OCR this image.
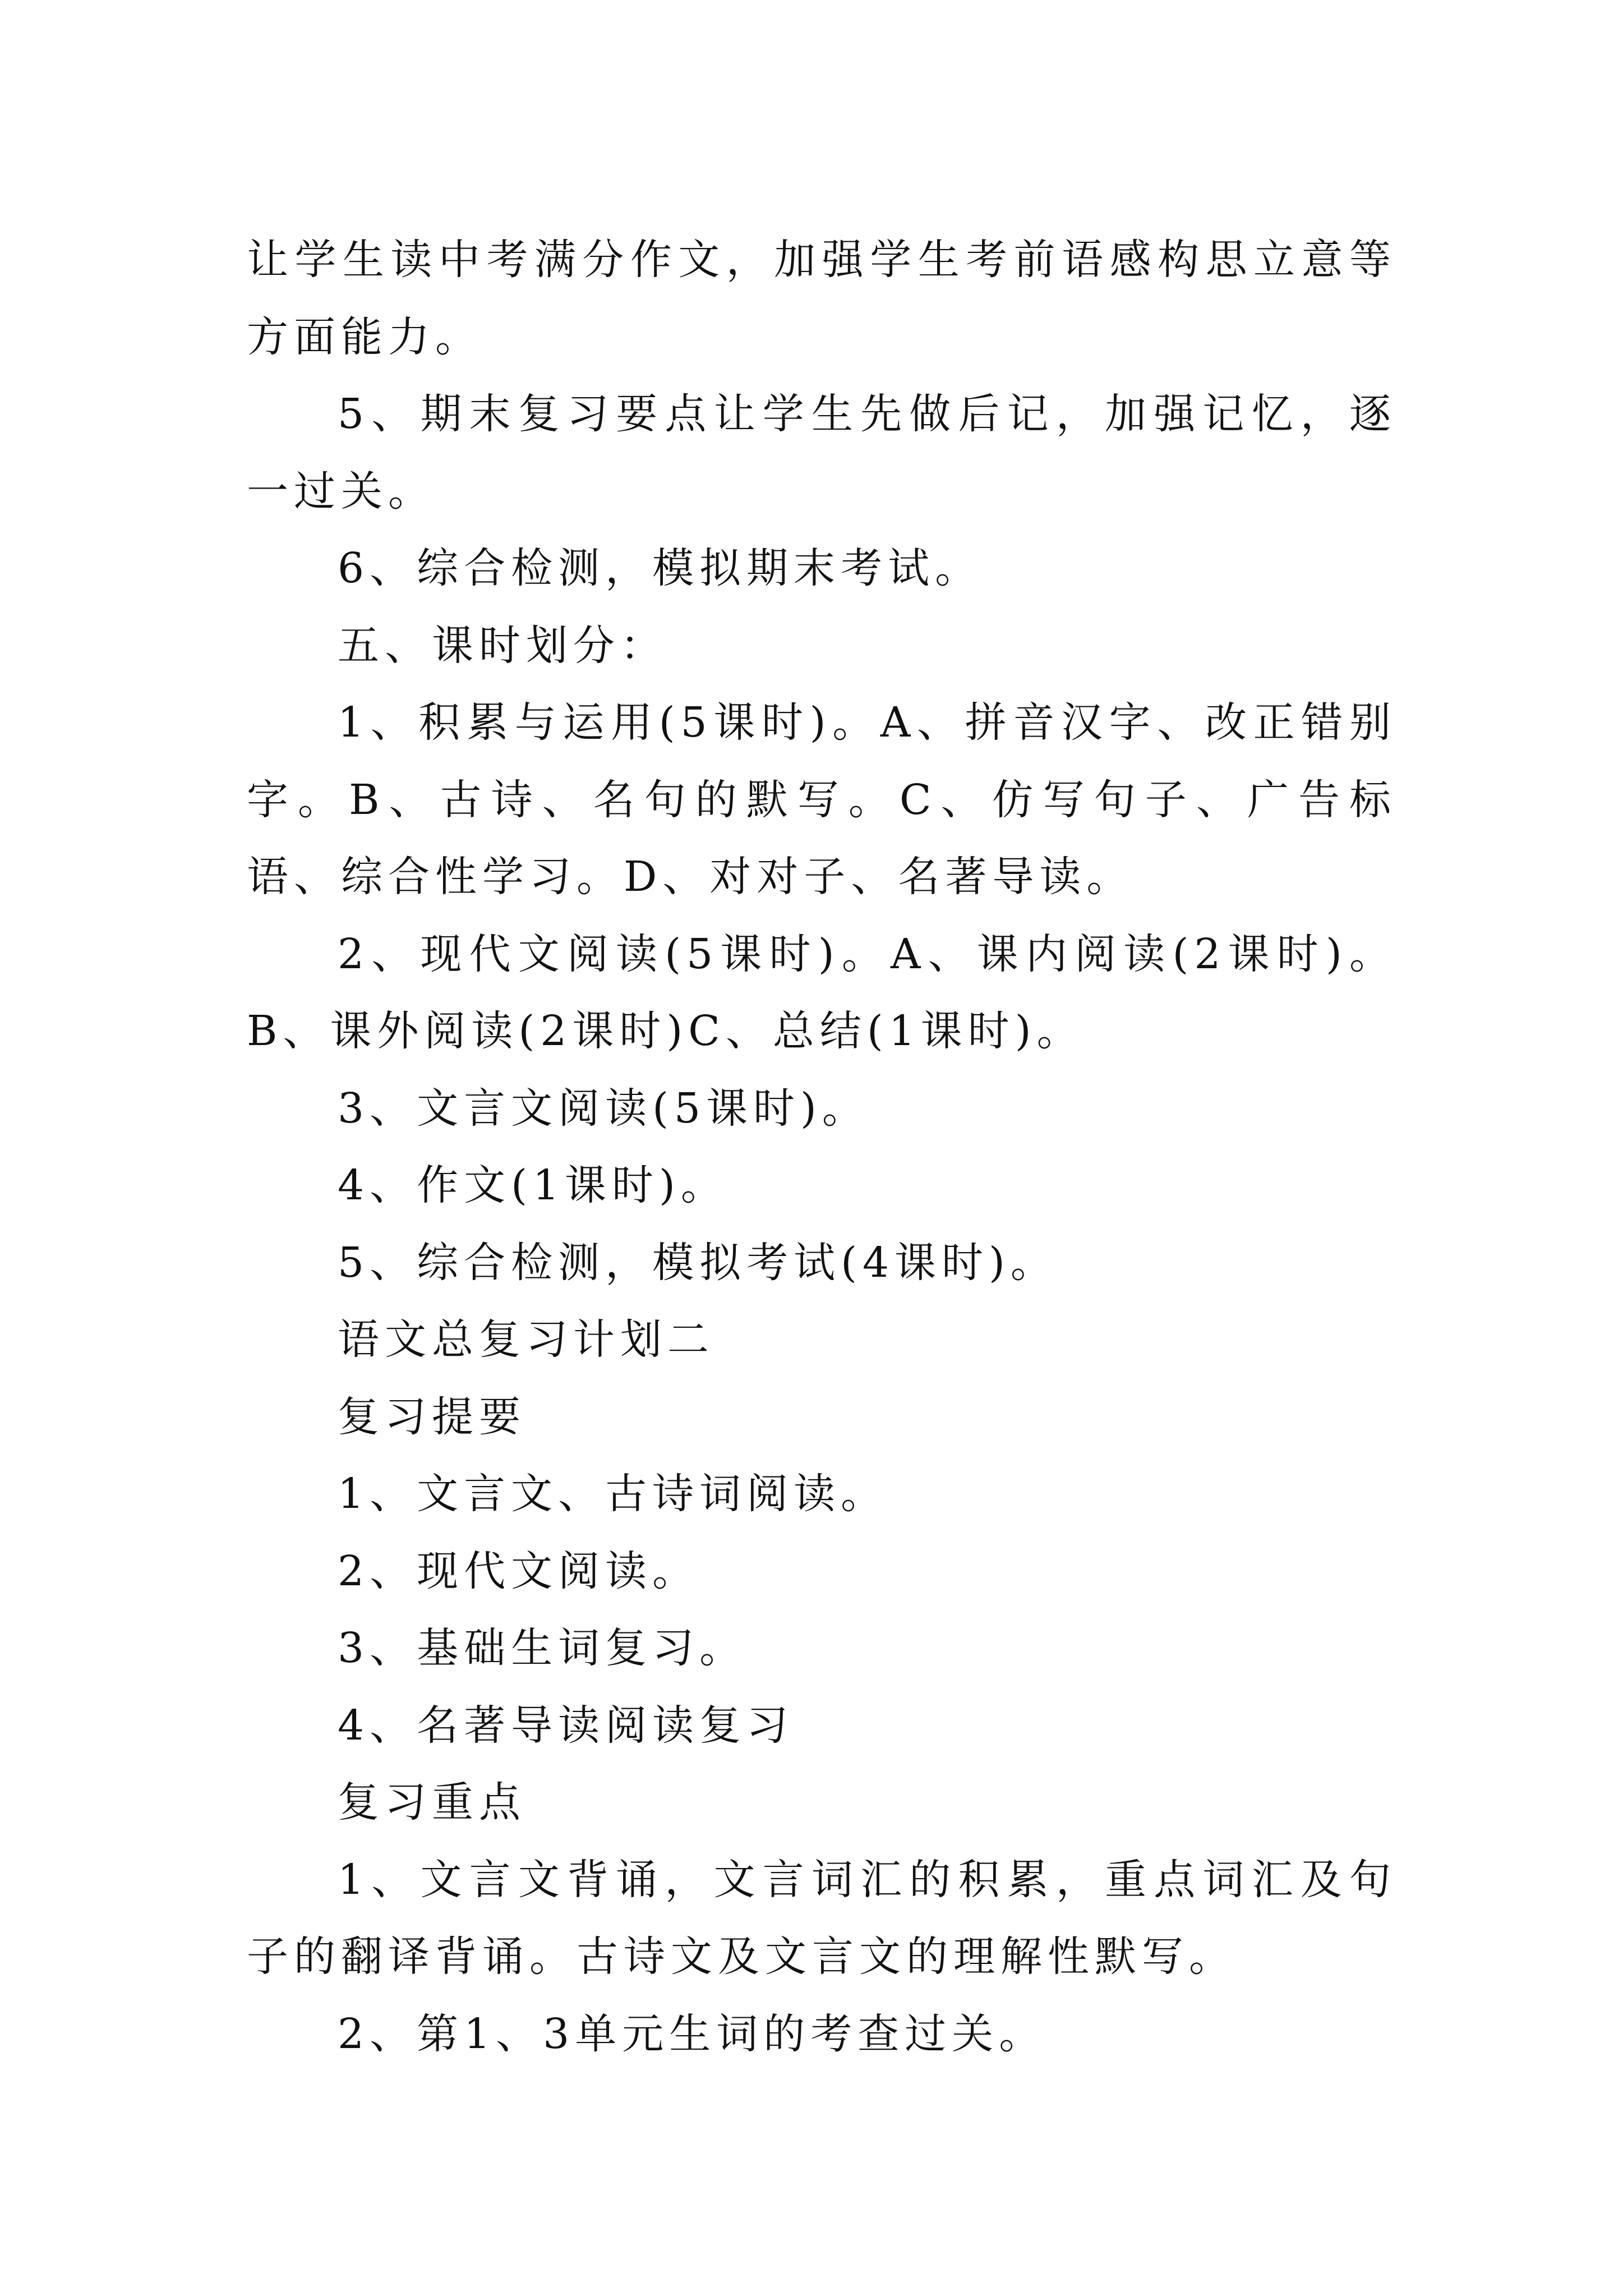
让学生读中考满分作文，加强学生考前语感构思立意等方面能力。

5、期末复习要点让学生先做后记，加强记忆，逐一过关。

6、综合检测，模拟期末考试。

五、课时划分：

1、积累与运用(5课时)。A、拼音汉字、改正错别字。B、古诗、名句的默写。C、仿写句子、广告标语、综合性学习。D、对对子、名著导读。

2、现代文阅读(5课时)。A、课内阅读(2课时)。B、课外阅读(2课时)C、总结(1课时)。

3、文言文阅读(5课时)。

4、作文(1课时)。

5、综合检测，模拟考试(4课时)。

语文总复习计划二

复习提要

1、文言文、古诗词阅读。

2、现代文阅读。

3、基础生词复习。

4、名著导读阅读复习

复习重点

1、文言文背诵，文言词汇的积累，重点词汇及句子的翻译背诵。古诗文及文言文的理解性默写。

2、第1、3单元生词的考查过关。
